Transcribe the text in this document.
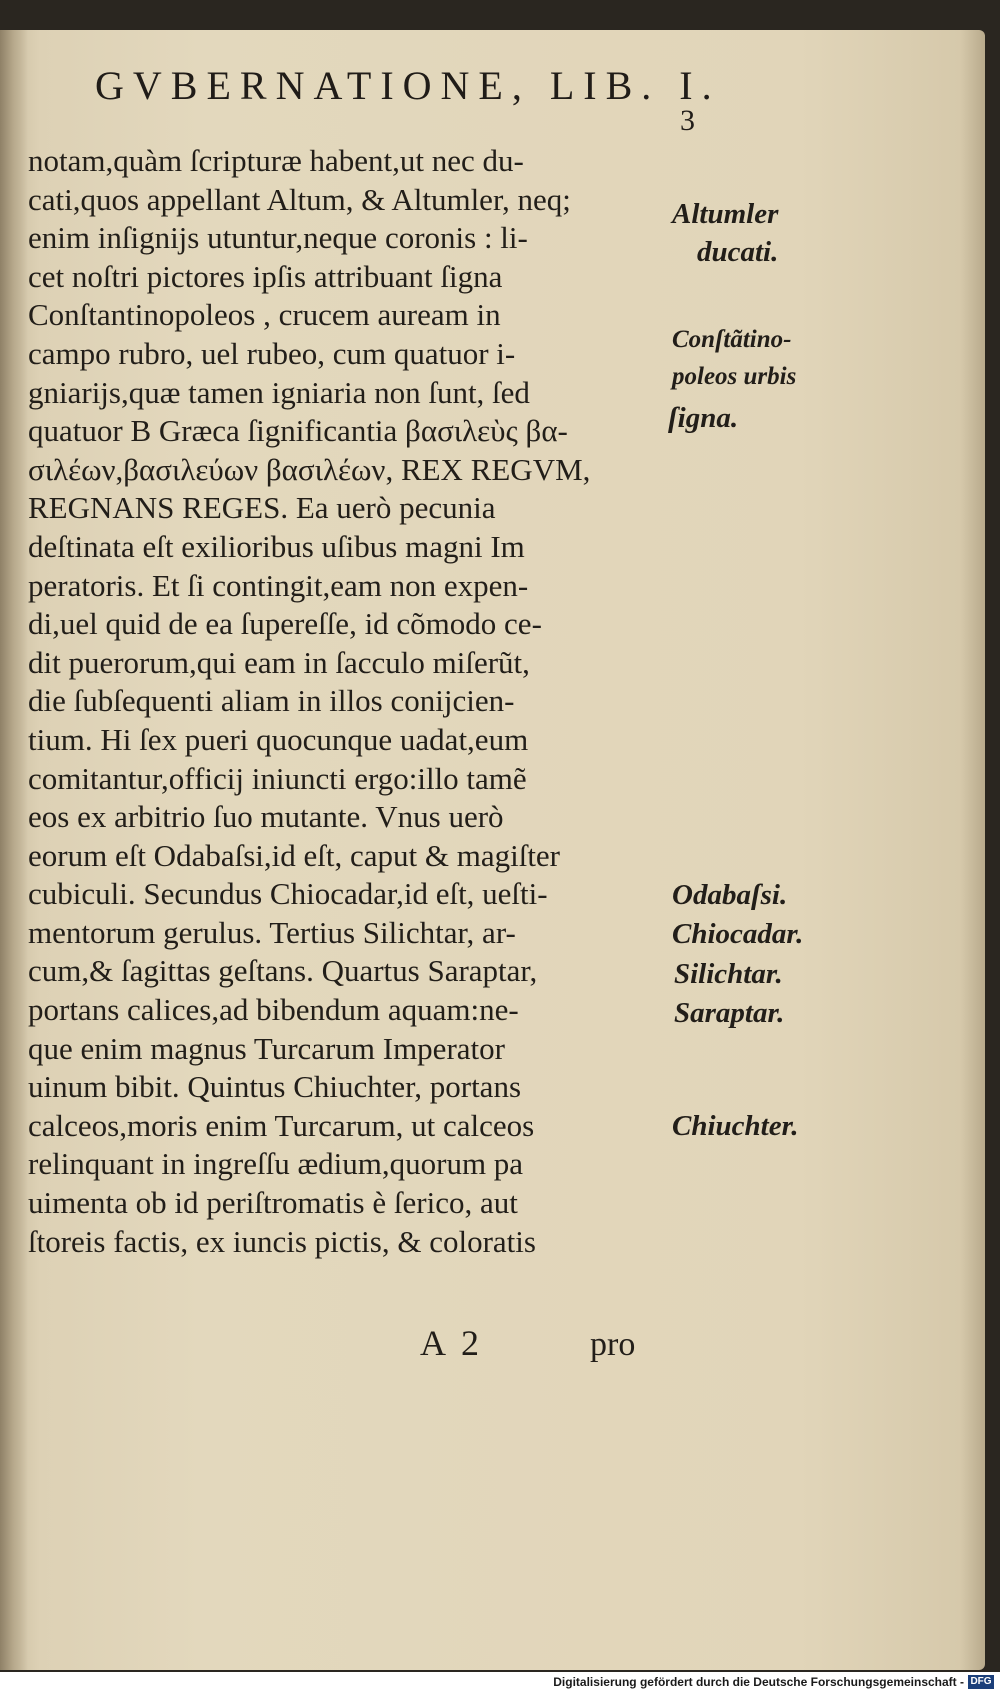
GVBERNATIONE, LIB. I.
3
notam,quàm ſcripturæ habent,ut nec du-
cati,quos appellant Altum, & Altumler, neq;
enim inſignijs utuntur,neque coronis : li-
cet noſtri pictores ipſis attribuant ſigna
Conſtantinopoleos , crucem auream in
campo rubro, uel rubeo, cum quatuor i-
gniarijs,quæ tamen igniaria non ſunt, ſed
quatuor B Græca ſignificantia βασιλεὺς βα-
σιλέων,βασιλεύων βασιλέων, REX REGVM,
REGNANS REGES. Ea uerò pecunia
deſtinata eſt exilioribus uſibus magni Im
peratoris. Et ſi contingit,eam non expen-
di,uel quid de ea ſupereſſe, id cõmodo ce-
dit puerorum,qui eam in ſacculo miſerũt,
die ſubſequenti aliam in illos conijcien-
tium. Hi ſex pueri quocunque uadat,eum
comitantur,officij iniuncti ergo:illo tamẽ
eos ex arbitrio ſuo mutante. Vnus uerò
eorum eſt Odabaſsi,id eſt, caput & magiſter
cubiculi. Secundus Chiocadar,id eſt, ueſti-
mentorum gerulus. Tertius Silichtar, ar-
cum,& ſagittas geſtans. Quartus Saraptar,
portans calices,ad bibendum aquam:ne-
que enim magnus Turcarum Imperator
uinum bibit. Quintus Chiuchter, portans
calceos,moris enim Turcarum, ut calceos
relinquant in ingreſſu ædium,quorum pa
uimenta ob id periſtromatis è ſerico, aut
ſtoreis factis, ex iuncis pictis, & coloratis
Altumler
ducati.
Conſtãtino-
poleos urbis
ſigna.
Odabaſsi.
Chiocadar.
Silichtar.
Saraptar.
Chiuchter.
A 2	pro
Digitalisierung gefördert durch die Deutsche Forschungsgemeinschaft - DFG
